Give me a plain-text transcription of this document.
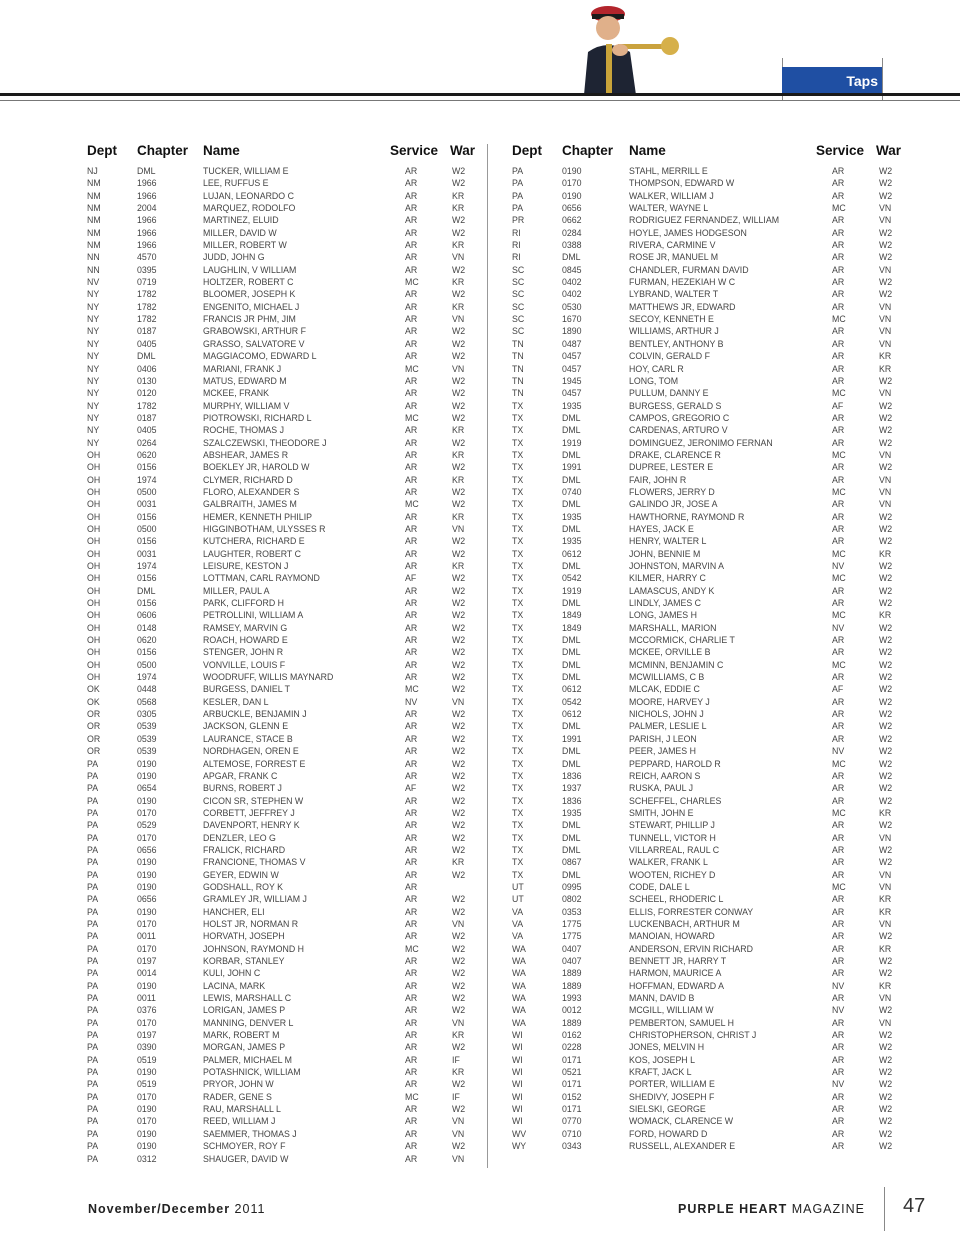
Taps
Dept Chapter Name	Service War
NJ	DML	TUCKER, WILLIAM E	AR	W2
NM	1966	LEE, RUFFUS E	AR	W2
NM	1966	LUJAN, LEONARDO C	AR	KR
NM	2004	MARQUEZ, RODOLFO	AR	KR
NM	1966	MARTINEZ, ELUID	AR	W2
NM	1966	MILLER, DAVID W	AR	W2
NM	1966	MILLER, ROBERT W	AR	KR
NN	4570	JUDD, JOHN G	AR	VN
NN	0395	LAUGHLIN, V WILLIAM	AR	W2
NV	0719	HOLTZER, ROBERT C	MC	KR
NY	1782	BLOOMER, JOSEPH K	AR	W2
NY	1782	ENGENITO, MICHAEL J	AR	KR
NY	1782	FRANCIS JR PHM, JIM	AR	VN
NY	0187	GRABOWSKI, ARTHUR F	AR	W2
NY	0405	GRASSO, SALVATORE V	AR	W2
NY	DML	MAGGIACOMO, EDWARD L	AR	W2
NY	0406	MARIANI, FRANK J	MC	VN
NY	0130	MATUS, EDWARD M	AR	W2
NY	0120	MCKEE, FRANK	AR	W2
NY	1782	MURPHY, WILLIAM V	AR	W2
NY	0187	PIOTROWSKI, RICHARD L	MC	W2
NY	0405	ROCHE, THOMAS J	AR	KR
NY	0264	SZALCZEWSKI, THEODORE J	AR	W2
OH	0620	ABSHEAR, JAMES R	AR	KR
OH	0156	BOEKLEY JR, HAROLD W	AR	W2
OH	1974	CLYMER, RICHARD D	AR	KR
OH	0500	FLORO, ALEXANDER S	AR	W2
OH	0031	GALBRAITH, JAMES M	MC	W2
OH	0156	HEMER, KENNETH PHILIP	AR	KR
OH	0500	HIGGINBOTHAM, ULYSSES R	AR	VN
OH	0156	KUTCHERA, RICHARD E	AR	W2
OH	0031	LAUGHTER, ROBERT C	AR	W2
OH	1974	LEISURE, KESTON J	AR	KR
OH	0156	LOTTMAN, CARL RAYMOND	AF	W2
OH	DML	MILLER, PAUL A	AR	W2
OH	0156	PARK, CLIFFORD H	AR	W2
OH	0606	PETROLLINI, WILLIAM A	AR	W2
OH	0148	RAMSEY, MARVIN G	AR	W2
OH	0620	ROACH, HOWARD E	AR	W2
OH	0156	STENGER, JOHN R	AR	W2
OH	0500	VONVILLE, LOUIS F	AR	W2
OH	1974	WOODRUFF, WILLIS MAYNARD	AR	W2
OK	0448	BURGESS, DANIEL T	MC	W2
OK	0568	KESLER, DAN L	NV	VN
OR	0305	ARBUCKLE, BENJAMIN J	AR	W2
OR	0539	JACKSON, GLENN E	AR	W2
OR	0539	LAURANCE, STACE B	AR	W2
OR	0539	NORDHAGEN, OREN E	AR	W2
PA	0190	ALTEMOSE, FORREST E	AR	W2
PA	0190	APGAR, FRANK C	AR	W2
PA	0654	BURNS, ROBERT J	AF	W2
PA	0190	CICON SR, STEPHEN W	AR	W2
PA	0170	CORBETT, JEFFREY J	AR	W2
PA	0529	DAVENPORT, HENRY K	AR	W2
PA	0170	DENZLER, LEO G	AR	W2
PA	0656	FRALICK, RICHARD	AR	W2
PA	0190	FRANCIONE, THOMAS V	AR	KR
PA	0190	GEYER, EDWIN W	AR	W2
PA	0190	GODSHALL, ROY K	AR
PA	0656	GRAMLEY JR, WILLIAM J	AR	W2
PA	0190	HANCHER, ELI	AR	W2
PA	0170	HOLST JR, NORMAN R	AR	VN
PA	0011	HORVATH, JOSEPH	AR	W2
PA	0170	JOHNSON, RAYMOND H	MC	W2
PA	0197	KORBAR, STANLEY	AR	W2
PA	0014	KULI, JOHN C	AR	W2
PA	0190	LACINA, MARK	AR	W2
PA	0011	LEWIS, MARSHALL C	AR	W2
PA	0376	LORIGAN, JAMES P	AR	W2
PA	0170	MANNING, DENVER L	AR	VN
PA	0197	MARK, ROBERT M	AR	KR
PA	0390	MORGAN, JAMES P	AR	W2
PA	0519	PALMER, MICHAEL M	AR	IF
PA	0190	POTASHNICK, WILLIAM	AR	KR
PA	0519	PRYOR, JOHN W	AR	W2
PA	0170	RADER, GENE S	MC	IF
PA	0190	RAU, MARSHALL L	AR	W2
PA	0170	REED, WILLIAM J	AR	VN
PA	0190	SAEMMER, THOMAS J	AR	VN
PA	0190	SCHMOYER, ROY F	AR	W2
PA	0312	SHAUGER, DAVID W	AR	VN
Dept Chapter Name	Service War
PA	0190	STAHL, MERRILL E	AR	W2
PA	0170	THOMPSON, EDWARD W	AR	W2
PA	0190	WALKER, WILLIAM J	AR	W2
PA	0656	WALTER, WAYNE L	MC	VN
PR	0662	RODRIGUEZ FERNANDEZ, WILLIAM	AR	VN
RI	0284	HOYLE, JAMES HODGESON	AR	W2
RI	0388	RIVERA, CARMINE V	AR	W2
RI	DML	ROSE JR, MANUEL M	AR	W2
SC	0845	CHANDLER, FURMAN DAVID	AR	VN
SC	0402	FURMAN, HEZEKIAH W C	AR	W2
SC	0402	LYBRAND, WALTER T	AR	W2
SC	0530	MATTHEWS JR, EDWARD	AR	VN
SC	1670	SECOY, KENNETH E	MC	VN
SC	1890	WILLIAMS, ARTHUR J	AR	VN
TN	0487	BENTLEY, ANTHONY B	AR	VN
TN	0457	COLVIN, GERALD F	AR	KR
TN	0457	HOY, CARL R	AR	KR
TN	1945	LONG, TOM	AR	W2
TN	0457	PULLUM, DANNY E	MC	VN
TX	1935	BURGESS, GERALD S	AF	W2
TX	DML	CAMPOS, GREGORIO C	AR	W2
TX	DML	CARDENAS, ARTURO V	AR	W2
TX	1919	DOMINGUEZ, JERONIMO FERNAN	AR	W2
TX	DML	DRAKE, CLARENCE R	MC	VN
TX	1991	DUPREE, LESTER E	AR	W2
TX	DML	FAIR, JOHN R	AR	VN
TX	0740	FLOWERS, JERRY D	MC	VN
TX	DML	GALINDO JR, JOSE A	AR	VN
TX	1935	HAWTHORNE, RAYMOND R	AR	W2
TX	DML	HAYES, JACK E	AR	W2
TX	1935	HENRY, WALTER L	AR	W2
TX	0612	JOHN, BENNIE M	MC	KR
TX	DML	JOHNSTON, MARVIN A	NV	W2
TX	0542	KILMER, HARRY C	MC	W2
TX	1919	LAMASCUS, ANDY K	AR	W2
TX	DML	LINDLY, JAMES C	AR	W2
TX	1849	LONG, JAMES H	MC	KR
TX	1849	MARSHALL, MARION	NV	W2
TX	DML	MCCORMICK, CHARLIE T	AR	W2
TX	DML	MCKEE, ORVILLE B	AR	W2
TX	DML	MCMINN, BENJAMIN C	MC	W2
TX	DML	MCWILLIAMS, C B	AR	W2
TX	0612	MLCAK, EDDIE C	AF	W2
TX	0542	MOORE, HARVEY J	AR	W2
TX	0612	NICHOLS, JOHN J	AR	W2
TX	DML	PALMER, LESLIE L	AR	W2
TX	1991	PARISH, J LEON	AR	W2
TX	DML	PEER, JAMES H	NV	W2
TX	DML	PEPPARD, HAROLD R	MC	W2
TX	1836	REICH, AARON S	AR	W2
TX	1937	RUSKA, PAUL J	AR	W2
TX	1836	SCHEFFEL, CHARLES	AR	W2
TX	1935	SMITH, JOHN E	MC	KR
TX	DML	STEWART, PHILLIP J	AR	W2
TX	DML	TUNNELL, VICTOR H	AR	VN
TX	DML	VILLARREAL, RAUL C	AR	W2
TX	0867	WALKER, FRANK L	AR	W2
TX	DML	WOOTEN, RICHEY D	AR	VN
UT	0995	CODE, DALE L	MC	VN
UT	0802	SCHEEL, RHODERIC L	AR	KR
VA	0353	ELLIS, FORRESTER CONWAY	AR	KR
VA	1775	LUCKENBACH, ARTHUR M	AR	VN
VA	1775	MANOIAN, HOWARD	AR	W2
WA	0407	ANDERSON, ERVIN RICHARD	AR	KR
WA	0407	BENNETT JR, HARRY T	AR	W2
WA	1889	HARMON, MAURICE A	AR	W2
WA	1889	HOFFMAN, EDWARD A	NV	KR
WA	1993	MANN, DAVID B	AR	VN
WA	0012	MCGILL, WILLIAM W	NV	W2
WA	1889	PEMBERTON, SAMUEL H	AR	VN
WI	0162	CHRISTOPHERSON, CHRIST J	AR	W2
WI	0228	JONES, MELVIN H	AR	W2
WI	0171	KOS, JOSEPH L	AR	W2
WI	0521	KRAFT, JACK L	AR	W2
WI	0171	PORTER, WILLIAM E	NV	W2
WI	0152	SHEDIVY, JOSEPH F	AR	W2
WI	0171	SIELSKI, GEORGE	AR	W2
WI	0770	WOMACK, CLARENCE W	AR	W2
WV	0710	FORD, HOWARD D	AR	W2
WY	0343	RUSSELL, ALEXANDER E	AR	W2
November/December 2011	PURPLE HEART MAGAZINE 47
